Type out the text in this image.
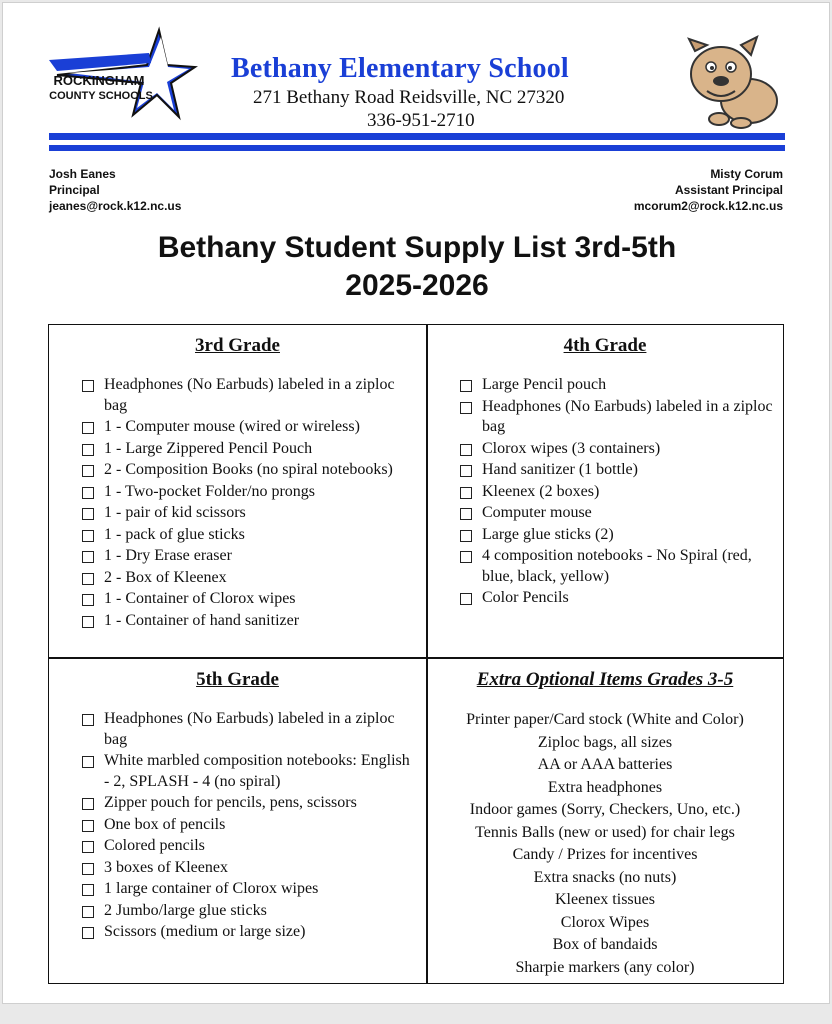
ROCKINGHAM
COUNTY SCHOOLS
Bethany Elementary School
271 Bethany Road Reidsville, NC 27320
336-951-2710
Josh Eanes
Principal
jeanes@rock.k12.nc.us
Misty Corum
Assistant Principal
mcorum2@rock.k12.nc.us
Bethany Student Supply List 3rd-5th
2025-2026
3rd Grade
Headphones (No Earbuds) labeled in a ziploc bag
1 - Computer mouse (wired or wireless)
1 - Large Zippered Pencil Pouch
2 - Composition Books (no spiral notebooks)
1 - Two-pocket Folder/no prongs
1 - pair of kid scissors
1 - pack of glue sticks
1 - Dry Erase eraser
2 - Box of Kleenex
1 - Container of Clorox wipes
1 - Container of hand sanitizer
4th Grade
Large Pencil pouch
Headphones (No Earbuds) labeled in a ziploc bag
Clorox wipes (3 containers)
Hand sanitizer (1 bottle)
Kleenex (2 boxes)
Computer mouse
Large glue sticks (2)
4 composition notebooks - No Spiral (red, blue, black, yellow)
Color Pencils
5th Grade
Headphones (No Earbuds) labeled in a ziploc bag
White marbled composition notebooks: English - 2, SPLASH - 4 (no spiral)
Zipper pouch for pencils, pens, scissors
One box of pencils
Colored pencils
3 boxes of Kleenex
1 large container of Clorox wipes
2 Jumbo/large glue sticks
Scissors (medium or large size)
Extra Optional Items Grades 3-5
Printer paper/Card stock (White and Color)
Ziploc bags, all sizes
AA or AAA batteries
Extra headphones
Indoor games (Sorry, Checkers, Uno, etc.)
Tennis Balls (new or used) for chair legs
Candy / Prizes for incentives
Extra snacks (no nuts)
Kleenex tissues
Clorox Wipes
Box of bandaids
Sharpie markers (any color)
